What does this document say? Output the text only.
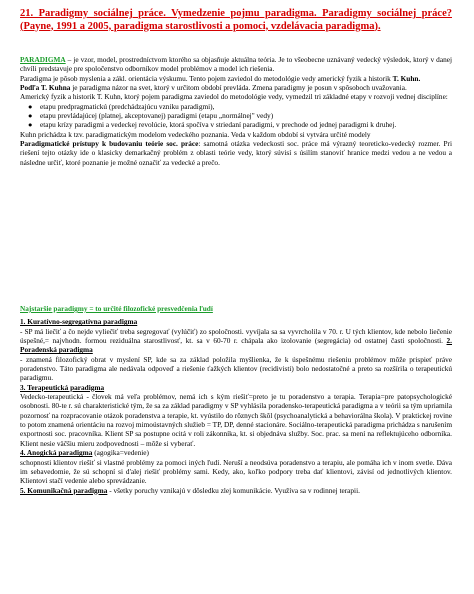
21. Paradigmy sociálnej práce. Vymedzenie pojmu paradigma. Paradigmy sociálnej práce? (Payne, 1991 a 2005, paradigma starostlivosti a pomoci, vzdelávacia paradigma).

PARADIGMA – je vzor, model, prostredníctvom ktorého sa objasňuje aktuálna teória. Je to všeobecne uznávaný vedecký výsledok, ktorý v danej chvíli predstavuje pre spoločenstvo odborníkov model problémov a model ich riešenia.

Paradigma je pôsob myslenia a zákl. orientácia výskumu. Tento pojem zaviedol do metodológie vedy americký fyzik a historik T. Kuhn.

Podľa T. Kuhna je paradigma názor na svet, ktorý v určitom období prevláda. Zmena paradigmy je posun v spôsoboch uvažovania.

Americký fyzik a historik T. Kuhn, ktorý pojem paradigma zaviedol do metodológie vedy, vymedzil tri základné etapy v rozvoji vednej disciplíne:

● etapu predpragmatickú (predchádzajúcu vzniku paradigmi),
● etapu prevládajúcej (platnej, akceptovanej) paradigmi (etapu „normálnej" vedy)
● etapu krízy paradigmi a vedeckej revolúcie, ktorá spočíva v striedaní paradigmi, v prechode od jednej paradigmi k druhej.

Kuhn prichádza k tzv. paradigmatickým modelom vedeckého poznania. Veda v každom období si vytvára určité modely

Paradigmatické prístupy k budovaniu teórie soc. práce: samotná otázka vedeckosti soc. práce má výrazný teoreticko-vedecký rozmer. Pri riešení tejto otázky ide o klasicky demarkačný problém z oblasti teórie vedy, ktorý súvisí s úsilím stanoviť hranice medzi vedou a ne vedou a následne určiť, ktoré poznanie je možné označiť za vedecké a prečo.

Najstaršie paradigmy = to určité filozofické presvedčenia ľudí

1. Kuratívno-segregatívna paradigma

- SP má liečiť a čo nejde vyliečiť treba segregovať (vylúčiť) zo spoločnosti. vyvíjala sa sa vyvrcholila v 70. r. U tých klientov, kde nebolo liečenie úspešné,= najvhodn. formou reziduálna starostlivosť, kt. sa v 60-70 r. chápala ako izolovanie (segregácia) od ostatnej časti spoločnosti. 2. Poradenská paradigma

- znamená filozofický obrat v myslení SP, kde sa za základ položila myšlienka, že k úspešnému riešeniu problémov môže prispieť práve poradenstvo. Táto paradigma ale nedávala odpoveď a riešenie ťažkých klientov (recidivisti) bolo nedostatočné a preto sa rozšírila o terapeutickú paradigmu.

3. Terapeutická paradigma

Vedecko-terapeutická - človek má veľa problémov, nemá ich s kým riešiť=preto je tu poradenstvo a terapia. Terapia=pre patopsychologické osobnosti. 80-te r. sú charakteristické tým, že sa za základ paradigmy v SP vyhlásila poradensko-terapeutická paradigma a v teórii sa tým upriamila pozornosť na rozpracovanie otázok poradenstva a terapie, kt. vyústilo do rôznych škôl (psychoanalytická a behaviorálna škola). V praktickej rovine to potom znamená orientáciu na rozvoj mimoústavných služieb = TP, DP, denné stacionáre. Sociálno-terapeutická paradigma prichádza s narušením exportnosti soc. pracovníka. Klient SP sa postupne ocitá v roli zákonníka, kt. si objednáva služby. Soc. prac. sa mení na reflektujúceho odborníka. Klient nesie väčšiu mieru zodpovednosti – môže si vyberať.

4. Anogická paradigma (agogika=vedenie)

schopnosti klientov riešiť si vlastné problémy za pomoci iných ľudí. Neruší a neodsúva poradenstvo a terapiu, ale pomáha ich v inom svetle. Dáva im sebavedomie, že sú schopní si d'alej riešiť problémy sami. Kedy, ako, koľko podpory treba dať klientovi, závisí od jednotlivých klientov. Klientovi stačí vedenie alebo sprevádzanie.

5. Komunikačná paradigma - všetky poruchy vznikajú v dôsledku zlej komunikácie. Využíva sa v rodinnej terapii.
